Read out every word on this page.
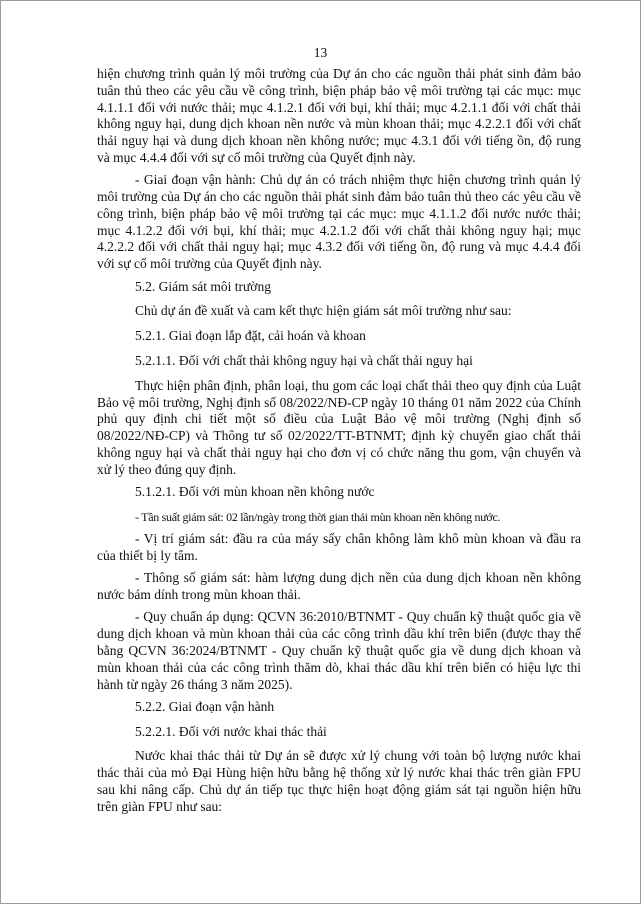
13

hiện chương trình quản lý môi trường của Dự án cho các nguồn thải phát sinh đảm bảo tuân thủ theo các yêu cầu về công trình, biện pháp bảo vệ môi trường tại các mục: mục 4.1.1.1 đối với nước thải; mục 4.1.2.1 đối với bụi, khí thải; mục 4.2.1.1 đối với chất thải không nguy hại, dung dịch khoan nền nước và mùn khoan thải; mục 4.2.2.1 đối với chất thải nguy hại và dung dịch khoan nền không nước; mục 4.3.1 đối với tiếng ồn, độ rung và mục 4.4.4 đối với sự cố môi trường của Quyết định này.

- Giai đoạn vận hành: Chủ dự án có trách nhiệm thực hiện chương trình quản lý môi trường của Dự án cho các nguồn thải phát sinh đảm bảo tuân thủ theo các yêu cầu về công trình, biện pháp bảo vệ môi trường tại các mục: mục 4.1.1.2 đối nước nước thải; mục 4.1.2.2 đối với bụi, khí thải; mục 4.2.1.2 đối với chất thải không nguy hại; mục 4.2.2.2 đối với chất thải nguy hại; mục 4.3.2 đối với tiếng ồn, độ rung và mục 4.4.4 đối với sự cố môi trường của Quyết định này.

5.2. Giám sát môi trường

Chủ dự án đề xuất và cam kết thực hiện giám sát môi trường như sau:

5.2.1. Giai đoạn lắp đặt, cải hoán và khoan

5.2.1.1. Đối với chất thải không nguy hại và chất thải nguy hại

Thực hiện phân định, phân loại, thu gom các loại chất thải theo quy định của Luật Bảo vệ môi trường, Nghị định số 08/2022/NĐ-CP ngày 10 tháng 01 năm 2022 của Chính phủ quy định chi tiết một số điều của Luật Bảo vệ môi trường (Nghị định số 08/2022/NĐ-CP) và Thông tư số 02/2022/TT-BTNMT; định kỳ chuyển giao chất thải không nguy hại và chất thải nguy hại cho đơn vị có chức năng thu gom, vận chuyển và xử lý theo đúng quy định.

5.1.2.1. Đối với mùn khoan nền không nước

- Tần suất giám sát: 02 lần/ngày trong thời gian thải mùn khoan nền không nước.

- Vị trí giám sát: đầu ra của máy sấy chân không làm khô mùn khoan và đầu ra của thiết bị ly tâm.

- Thông số giám sát: hàm lượng dung dịch nền của dung dịch khoan nền không nước bám dính trong mùn khoan thải.

- Quy chuẩn áp dụng: QCVN 36:2010/BTNMT - Quy chuẩn kỹ thuật quốc gia về dung dịch khoan và mùn khoan thải của các công trình dầu khí trên biển (được thay thế bằng QCVN 36:2024/BTNMT - Quy chuẩn kỹ thuật quốc gia về dung dịch khoan và mùn khoan thải của các công trình thăm dò, khai thác dầu khí trên biển có hiệu lực thi hành từ ngày 26 tháng 3 năm 2025).

5.2.2. Giai đoạn vận hành

5.2.2.1. Đối với nước khai thác thải

Nước khai thác thải từ Dự án sẽ được xử lý chung với toàn bộ lượng nước khai thác thải của mỏ Đại Hùng hiện hữu bằng hệ thống xử lý nước khai thác trên giàn FPU sau khi nâng cấp. Chủ dự án tiếp tục thực hiện hoạt động giám sát tại nguồn hiện hữu trên giàn FPU như sau:
